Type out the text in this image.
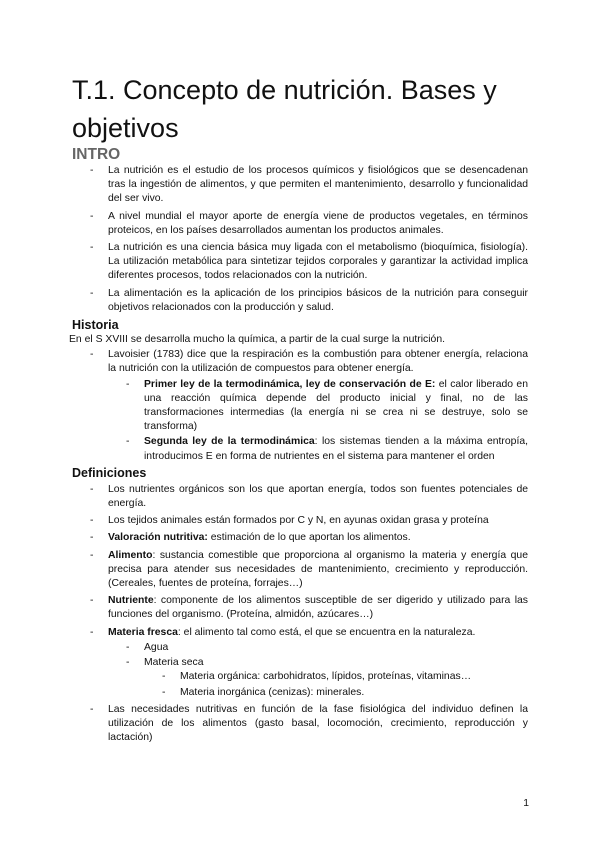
T.1. Concepto de nutrición. Bases y objetivos
INTRO
- La nutrición es el estudio de los procesos químicos y fisiológicos que se desencadenan tras la ingestión de alimentos, y que permiten el mantenimiento, desarrollo y funcionalidad del ser vivo.
- A nivel mundial el mayor aporte de energía viene de productos vegetales, en términos proteicos, en los países desarrollados aumentan los productos animales.
- La nutrición es una ciencia básica muy ligada con el metabolismo (bioquímica, fisiología). La utilización metabólica para sintetizar tejidos corporales y garantizar la actividad implica diferentes procesos, todos relacionados con la nutrición.
- La alimentación es la aplicación de los principios básicos de la nutrición para conseguir objetivos relacionados con la producción y salud.
Historia

En el S XVIII se desarrolla mucho la química, a partir de la cual surge la nutrición.

- Lavoisier (1783) dice que la respiración es la combustión para obtener energía, relaciona la nutrición con la utilización de compuestos para obtener energía.
- Primer ley de la termodinámica, ley de conservación de E: el calor liberado en una reacción química depende del producto inicial y final, no de las transformaciones intermedias (la energía ni se crea ni se destruye, solo se transforma)
- Segunda ley de la termodinámica: los sistemas tienden a la máxima entropía, introducimos E en forma de nutrientes en el sistema para mantener el orden
Definiciones
- Los nutrientes orgánicos son los que aportan energía, todos son fuentes potenciales de energía.
- Los tejidos animales están formados por C y N, en ayunas oxidan grasa y proteína
- Valoración nutritiva: estimación de lo que aportan los alimentos.
- Alimento: sustancia comestible que proporciona al organismo la materia y energía que precisa para atender sus necesidades de mantenimiento, crecimiento y reproducción. (Cereales, fuentes de proteína, forrajes…)
- Nutriente: componente de los alimentos susceptible de ser digerido y utilizado para las funciones del organismo. (Proteína, almidón, azúcares…)
- Materia fresca: el alimento tal como está, el que se encuentra en la naturaleza.
- Agua
- Materia seca
- Materia orgánica: carbohidratos, lípidos, proteínas, vitaminas…
- Materia inorgánica (cenizas): minerales.
- Las necesidades nutritivas en función de la fase fisiológica del individuo definen la utilización de los alimentos (gasto basal, locomoción, crecimiento, reproducción y lactación)
1
